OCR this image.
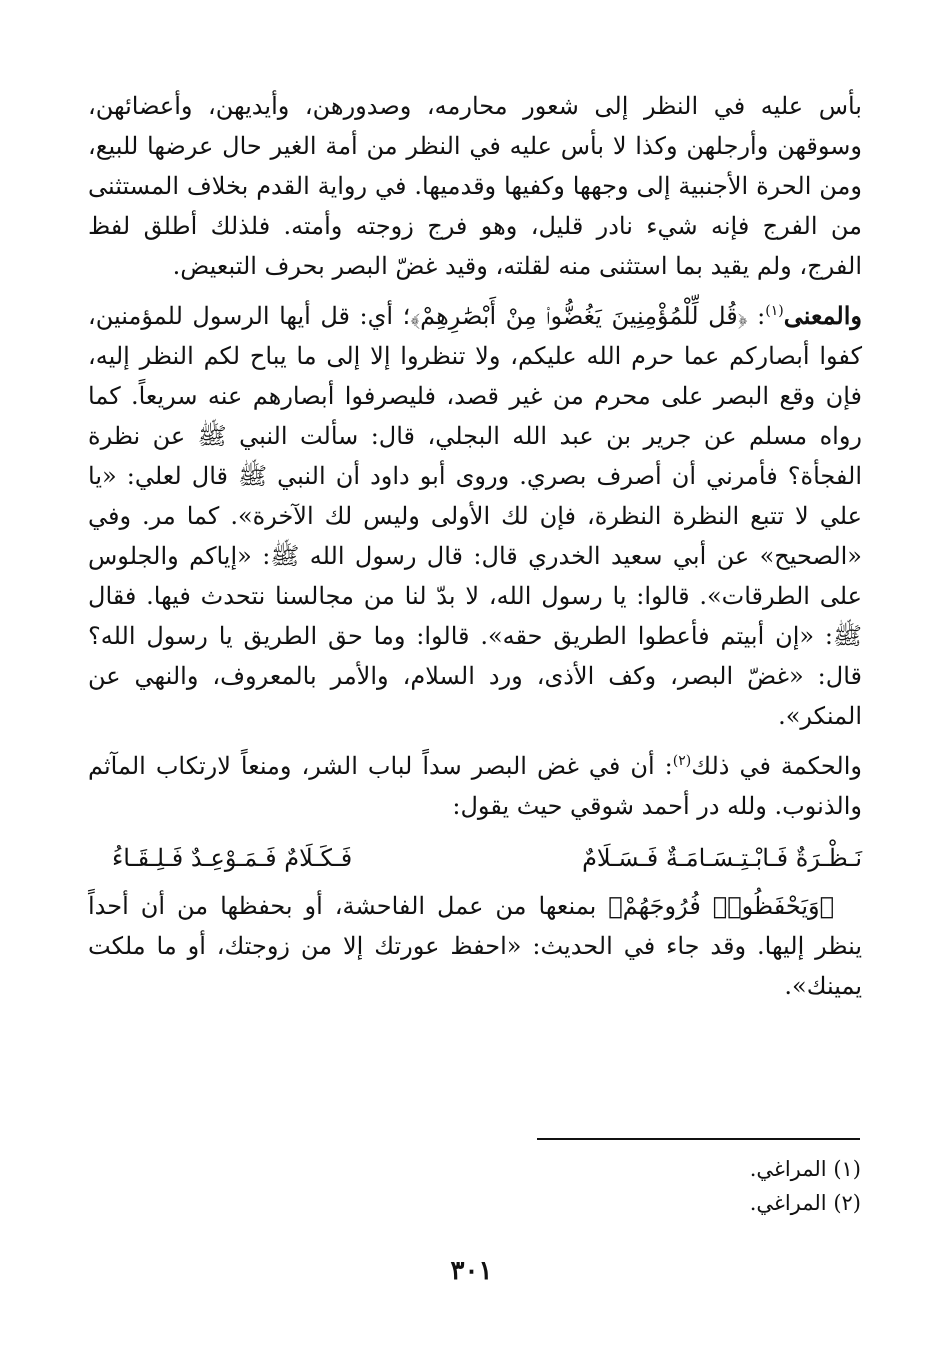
بأس عليه في النظر إلى شعور محارمه، وصدورهن، وأيديهن، وأعضائهن، وسوقهن وأرجلهن وكذا لا بأس عليه في النظر من أمة الغير حال عرضها للبيع، ومن الحرة الأجنبية إلى وجهها وكفيها وقدميها. في رواية القدم بخلاف المستثنى من الفرج فإنه شيء نادر قليل، وهو فرج زوجته وأمته. فلذلك أطلق لفظ الفرج، ولم يقيد بما استثنى منه لقلته، وقيد غضّ البصر بحرف التبعيض.

والمعنى$^{(١)}$: ﴿قُل لِّلْمُؤْمِنِينَ يَغُضُّوا۟ مِنْ أَبْصَٰرِهِمْ﴾؛ أي: قل أيها الرسول للمؤمنين، كفوا أبصاركم عما حرم الله عليكم، ولا تنظروا إلا إلى ما يباح لكم النظر إليه، فإن وقع البصر على محرم من غير قصد، فليصرفوا أبصارهم عنه سريعاً. كما رواه مسلم عن جرير بن عبد الله البجلي، قال: سألت النبي ﷺ عن نظرة الفجأة؟ فأمرني أن أصرف بصري. وروى أبو داود أن النبي ﷺ قال لعلي: «يا علي لا تتبع النظرة النظرة، فإن لك الأولى وليس لك الآخرة». كما مر. وفي «الصحيح» عن أبي سعيد الخدري قال: قال رسول الله ﷺ: «إياكم والجلوس على الطرقات». قالوا: يا رسول الله، لا بدّ لنا من مجالسنا نتحدث فيها. فقال ﷺ: «إن أبيتم فأعطوا الطريق حقه». قالوا: وما حق الطريق يا رسول الله؟ قال: «غضّ البصر، وكف الأذى، ورد السلام، والأمر بالمعروف، والنهي عن المنكر».

والحكمة في ذلك$^{(٢)}$: أن في غض البصر سداً لباب الشر، ومنعاً لارتكاب المآثم والذنوب. ولله در أحمد شوقي حيث يقول:

نَـظْـرَةٌ فَـابْـتِـسَـامَـةٌ فَـسَـلَامٌ
فَـكَـلَامٌ فَـمَـوْعِـدٌ فَـلِـقَـاءُ

﴿وَيَحْفَظُوا۟ فُرُوجَهُمْ﴾ بمنعها من عمل الفاحشة، أو بحفظها من أن أحداً ينظر إليها. وقد جاء في الحديث: «احفظ عورتك إلا من زوجتك، أو ما ملكت يمينك».

(١) المراغي.
(٢) المراغي.
٣٠١
